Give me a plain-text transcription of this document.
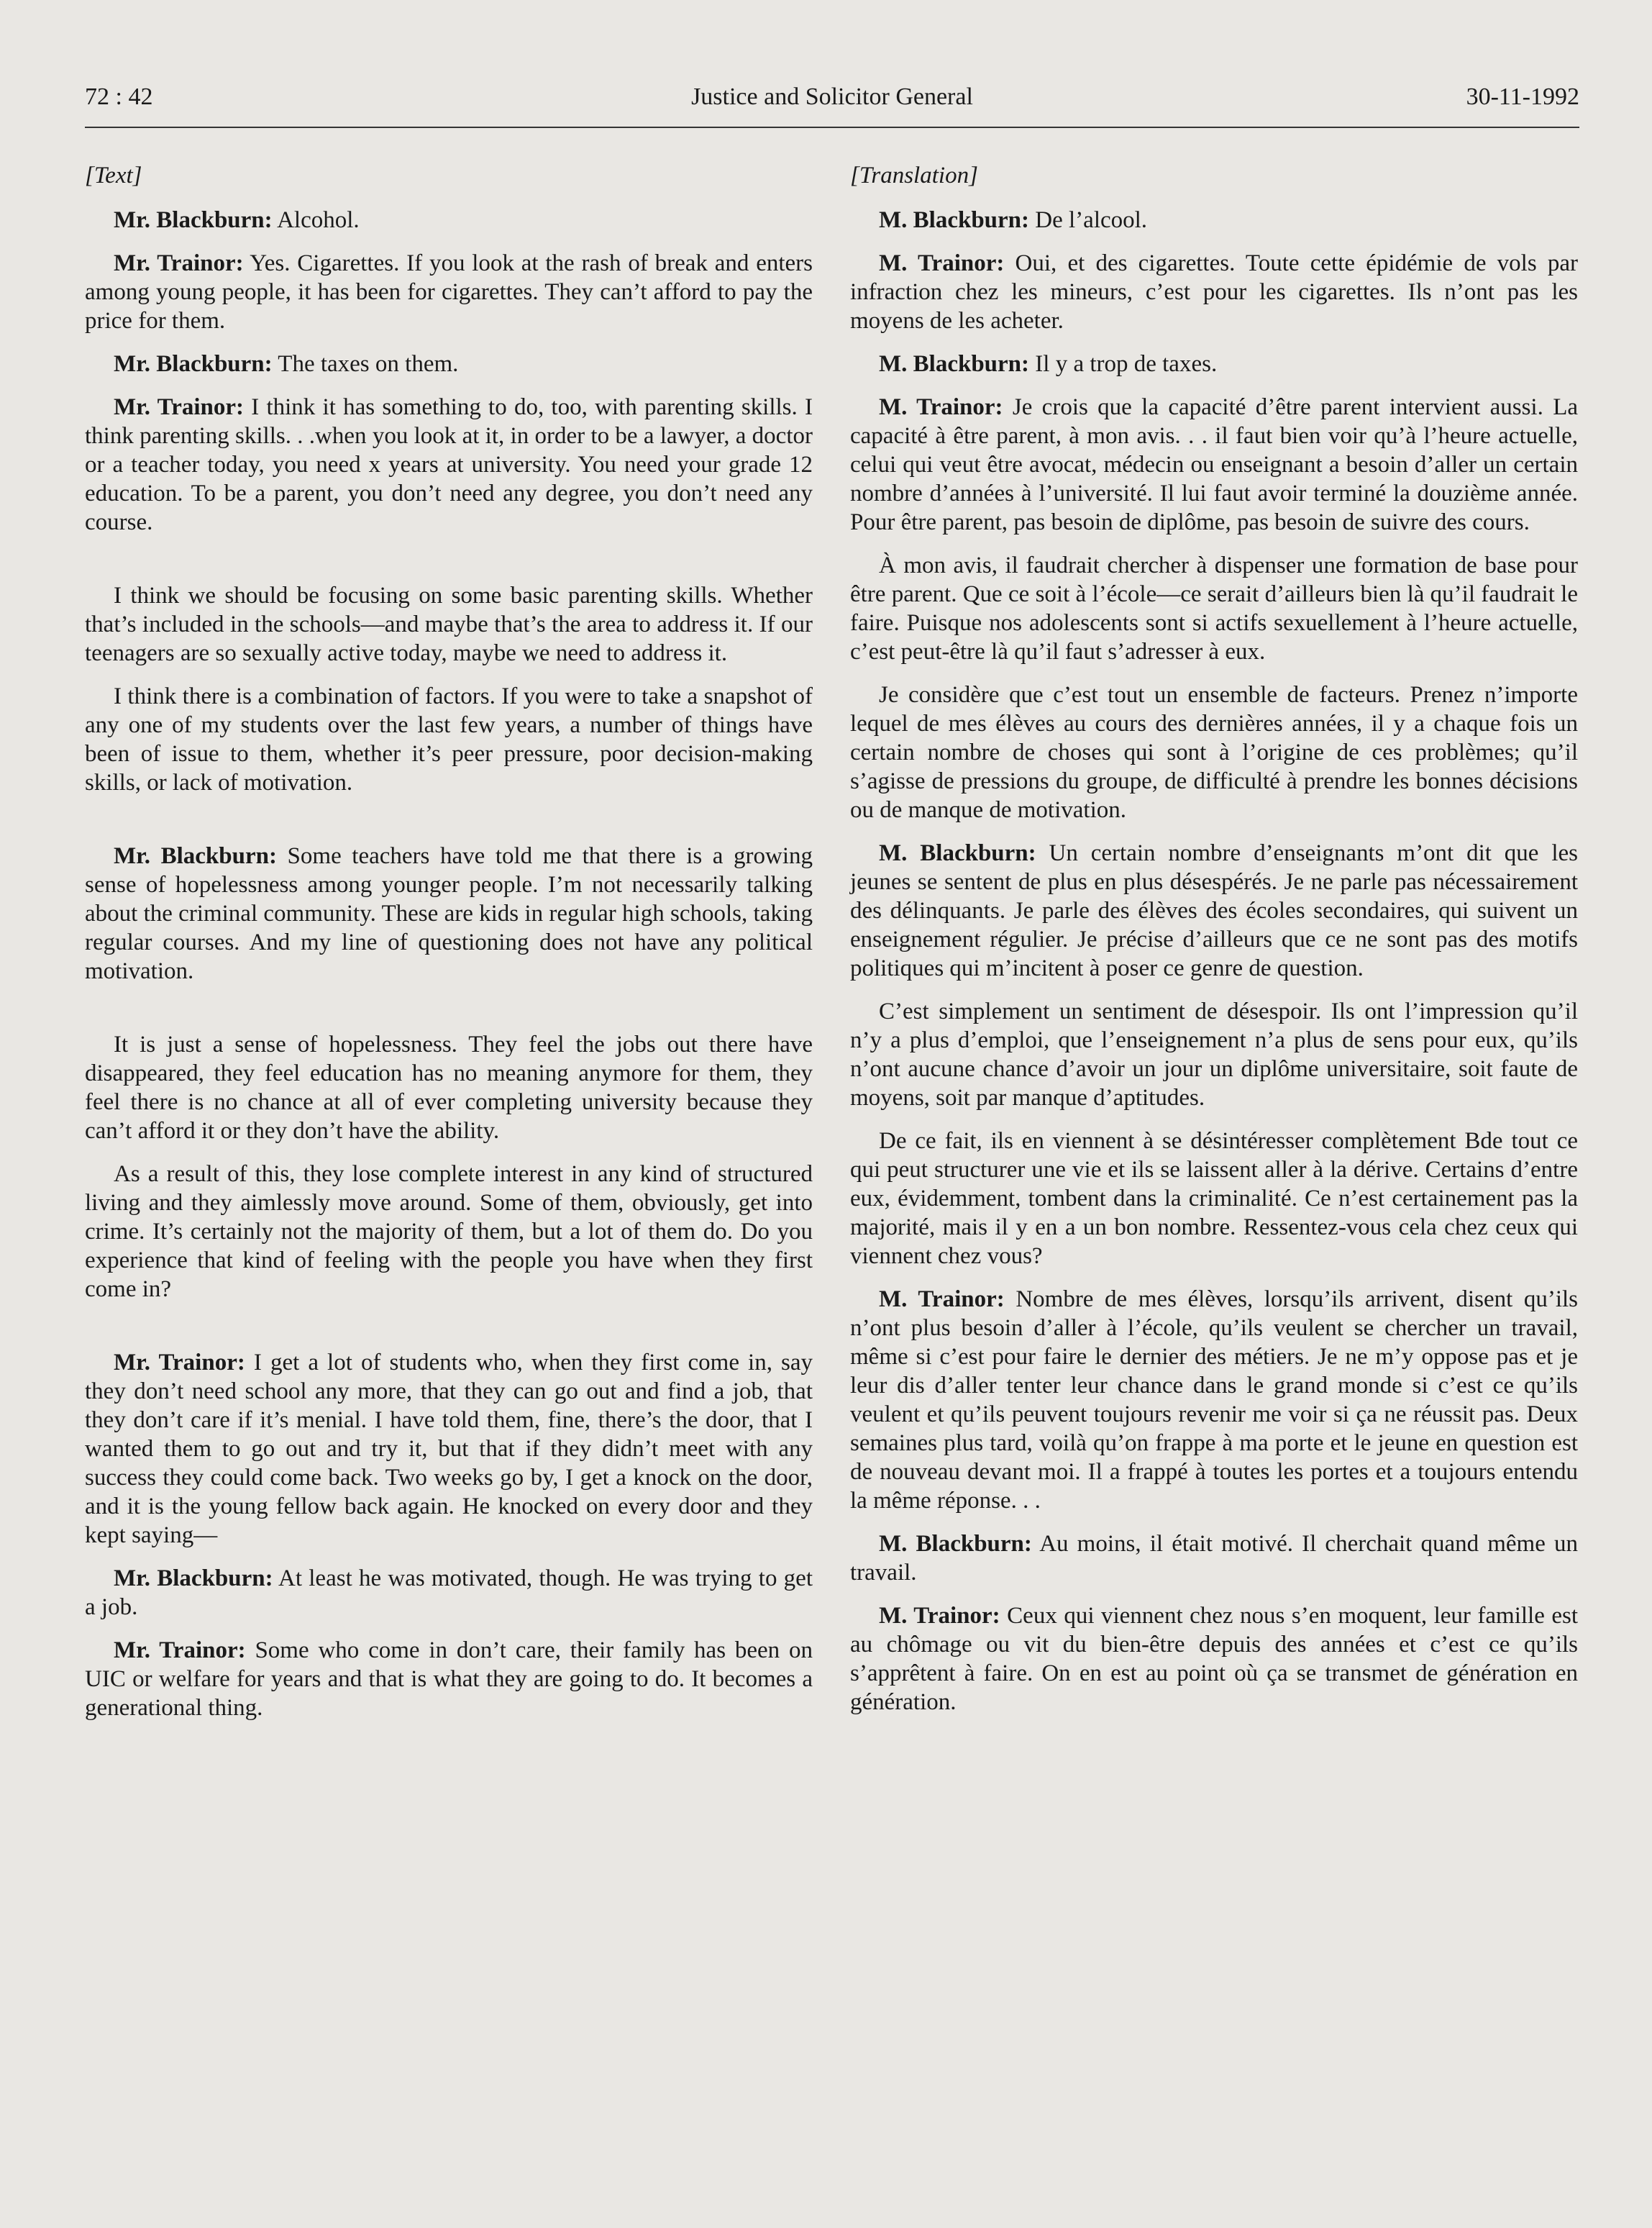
72 : 42	Justice and Solicitor General	30-11-1992

[Text]

Mr. Blackburn: Alcohol.

Mr. Trainor: Yes. Cigarettes. If you look at the rash of break and enters among young people, it has been for cigarettes. They can’t afford to pay the price for them.

Mr. Blackburn: The taxes on them.

Mr. Trainor: I think it has something to do, too, with parenting skills. I think parenting skills. . .when you look at it, in order to be a lawyer, a doctor or a teacher today, you need x years at university. You need your grade 12 education. To be a parent, you don’t need any degree, you don’t need any course.

I think we should be focusing on some basic parenting skills. Whether that’s included in the schools—and maybe that’s the area to address it. If our teenagers are so sexually active today, maybe we need to address it.

I think there is a combination of factors. If you were to take a snapshot of any one of my students over the last few years, a number of things have been of issue to them, whether it’s peer pressure, poor decision-making skills, or lack of motivation.

Mr. Blackburn: Some teachers have told me that there is a growing sense of hopelessness among younger people. I’m not necessarily talking about the criminal community. These are kids in regular high schools, taking regular courses. And my line of questioning does not have any political motivation.

It is just a sense of hopelessness. They feel the jobs out there have disappeared, they feel education has no meaning anymore for them, they feel there is no chance at all of ever completing university because they can’t afford it or they don’t have the ability.

As a result of this, they lose complete interest in any kind of structured living and they aimlessly move around. Some of them, obviously, get into crime. It’s certainly not the majority of them, but a lot of them do. Do you experience that kind of feeling with the people you have when they first come in?

Mr. Trainor: I get a lot of students who, when they first come in, say they don’t need school any more, that they can go out and find a job, that they don’t care if it’s menial. I have told them, fine, there’s the door, that I wanted them to go out and try it, but that if they didn’t meet with any success they could come back. Two weeks go by, I get a knock on the door, and it is the young fellow back again. He knocked on every door and they kept saying—

Mr. Blackburn: At least he was motivated, though. He was trying to get a job.

Mr. Trainor: Some who come in don’t care, their family has been on UIC or welfare for years and that is what they are going to do. It becomes a generational thing.

[Translation]

M. Blackburn: De l’alcool.

M. Trainor: Oui, et des cigarettes. Toute cette épidémie de vols par infraction chez les mineurs, c’est pour les cigarettes. Ils n’ont pas les moyens de les acheter.

M. Blackburn: Il y a trop de taxes.

M. Trainor: Je crois que la capacité d’être parent intervient aussi. La capacité à être parent, à mon avis. . . il faut bien voir qu’à l’heure actuelle, celui qui veut être avocat, médecin ou enseignant a besoin d’aller un certain nombre d’années à l’université. Il lui faut avoir terminé la douzième année. Pour être parent, pas besoin de diplôme, pas besoin de suivre des cours.

À mon avis, il faudrait chercher à dispenser une formation de base pour être parent. Que ce soit à l’école—ce serait d’ailleurs bien là qu’il faudrait le faire. Puisque nos adolescents sont si actifs sexuellement à l’heure actuelle, c’est peut-être là qu’il faut s’adresser à eux.

Je considère que c’est tout un ensemble de facteurs. Prenez n’importe lequel de mes élèves au cours des dernières années, il y a chaque fois un certain nombre de choses qui sont à l’origine de ces problèmes; qu’il s’agisse de pressions du groupe, de difficulté à prendre les bonnes décisions ou de manque de motivation.

M. Blackburn: Un certain nombre d’enseignants m’ont dit que les jeunes se sentent de plus en plus désespérés. Je ne parle pas nécessairement des délinquants. Je parle des élèves des écoles secondaires, qui suivent un enseignement régulier. Je précise d’ailleurs que ce ne sont pas des motifs politiques qui m’incitent à poser ce genre de question.

C’est simplement un sentiment de désespoir. Ils ont l’impression qu’il n’y a plus d’emploi, que l’enseignement n’a plus de sens pour eux, qu’ils n’ont aucune chance d’avoir un jour un diplôme universitaire, soit faute de moyens, soit par manque d’aptitudes.

De ce fait, ils en viennent à se désintéresser complètement Bde tout ce qui peut structurer une vie et ils se laissent aller à la dérive. Certains d’entre eux, évidemment, tombent dans la criminalité. Ce n’est certainement pas la majorité, mais il y en a un bon nombre. Ressentez-vous cela chez ceux qui viennent chez vous?

M. Trainor: Nombre de mes élèves, lorsqu’ils arrivent, disent qu’ils n’ont plus besoin d’aller à l’école, qu’ils veulent se chercher un travail, même si c’est pour faire le dernier des métiers. Je ne m’y oppose pas et je leur dis d’aller tenter leur chance dans le grand monde si c’est ce qu’ils veulent et qu’ils peuvent toujours revenir me voir si ça ne réussit pas. Deux semaines plus tard, voilà qu’on frappe à ma porte et le jeune en question est de nouveau devant moi. Il a frappé à toutes les portes et a toujours entendu la même réponse. . .

M. Blackburn: Au moins, il était motivé. Il cherchait quand même un travail.

M. Trainor: Ceux qui viennent chez nous s’en moquent, leur famille est au chômage ou vit du bien-être depuis des années et c’est ce qu’ils s’apprêtent à faire. On en est au point où ça se transmet de génération en génération.
